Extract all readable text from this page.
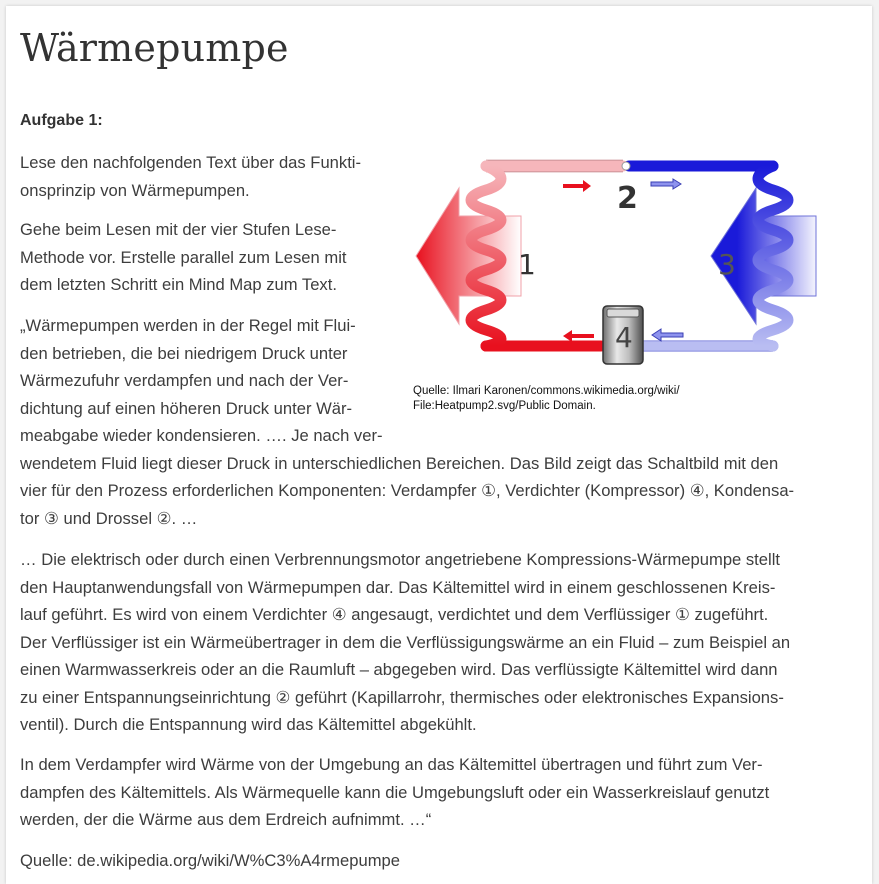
Wärmepumpe
Aufgabe 1:

Lese den nachfolgenden Text über das Funkti-
onsprinzip von Wärmepumpen.

Gehe beim Lesen mit der vier Stufen Lese-
Methode vor. Erstelle parallel zum Lesen mit
dem letzten Schritt ein Mind Map zum Text.

„Wärmepumpen werden in der Regel mit Flui-
den betrieben, die bei niedrigem Druck unter
Wärmezufuhr verdampfen und nach der Ver-
dichtung auf einen höheren Druck unter Wär-
meabgabe wieder kondensieren. …. Je nach ver-
wendetem Fluid liegt dieser Druck in unterschiedlichen Bereichen. Das Bild zeigt das Schaltbild mit den
vier für den Prozess erforderlichen Komponenten: Verdampfer ①, Verdichter (Kompressor) ④, Kondensa-
tor ③ und Drossel ②. …

… Die elektrisch oder durch einen Verbrennungsmotor angetriebene Kompressions-Wärmepumpe stellt
den Hauptanwendungsfall von Wärmepumpen dar. Das Kältemittel wird in einem geschlossenen Kreis-
lauf geführt. Es wird von einem Verdichter ④ angesaugt, verdichtet und dem Verflüssiger ① zugeführt.
Der Verflüssiger ist ein Wärmeübertrager in dem die Verflüssigungswärme an ein Fluid – zum Beispiel an
einen Warmwasserkreis oder an die Raumluft – abgegeben wird. Das verflüssigte Kältemittel wird dann
zu einer Entspannungseinrichtung ② geführt (Kapillarrohr, thermisches oder elektronisches Expansions-
ventil). Durch die Entspannung wird das Kältemittel abgekühlt.

In dem Verdampfer wird Wärme von der Umgebung an das Kältemittel übertragen und führt zum Ver-
dampfen des Kältemittels. Als Wärmequelle kann die Umgebungsluft oder ein Wasserkreislauf genutzt
werden, der die Wärme aus dem Erdreich aufnimmt. …“

Quelle: de.wikipedia.org/wiki/W%C3%A4rmepumpe

1
2
3
4
Quelle: Ilmari Karonen/commons.wikimedia.org/wiki/
File:Heatpump2.svg/Public Domain.
